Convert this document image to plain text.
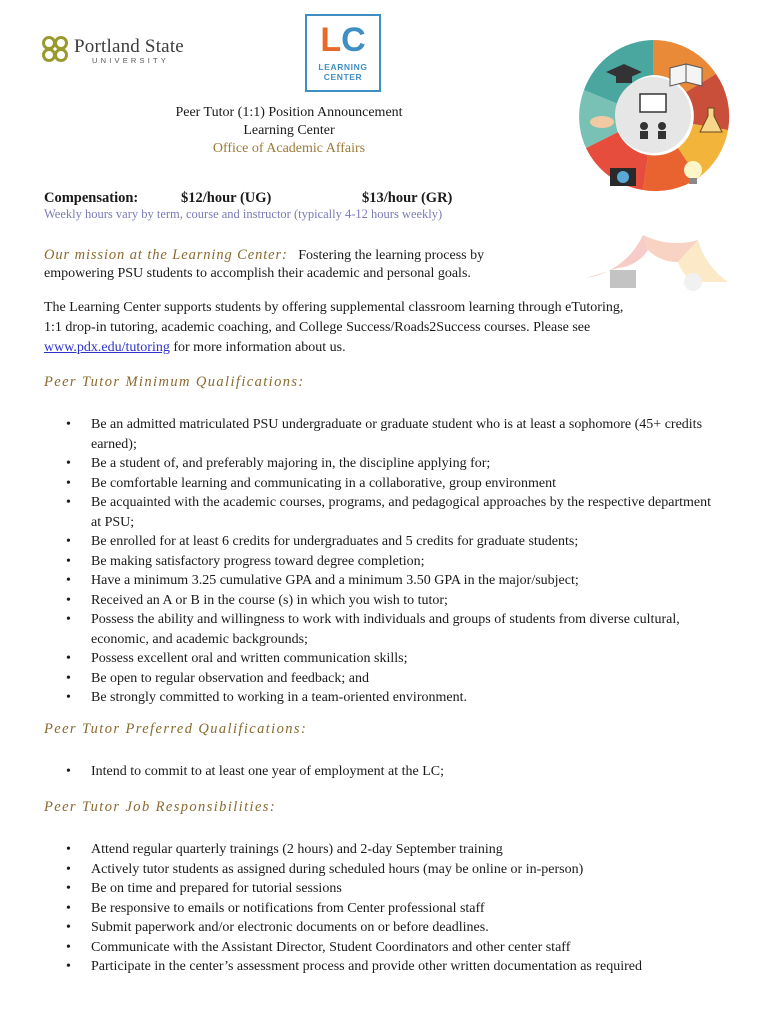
Portland State
UNIVERSITY
LC
LEARNING
CENTER
Peer Tutor (1:1) Position Announcement
Learning Center
Office of Academic Affairs
Compensation:	$12/hour (UG)	$13/hour (GR)
Weekly hours vary by term, course and instructor (typically 4-12 hours weekly)
Our mission at the Learning Center: Fostering the learning process by empowering PSU students to accomplish their academic and personal goals.
The Learning Center supports students by offering supplemental classroom learning through eTutoring, 1:1 drop-in tutoring, academic coaching, and College Success/Roads2Success courses. Please see www.pdx.edu/tutoring for more information about us.
Peer Tutor Minimum Qualifications:
• Be an admitted matriculated PSU undergraduate or graduate student who is at least a sophomore (45+ credits earned);
• Be a student of, and preferably majoring in, the discipline applying for;
• Be comfortable learning and communicating in a collaborative, group environment
• Be acquainted with the academic courses, programs, and pedagogical approaches by the respective department at PSU;
• Be enrolled for at least 6 credits for undergraduates and 5 credits for graduate students;
• Be making satisfactory progress toward degree completion;
• Have a minimum 3.25 cumulative GPA and a minimum 3.50 GPA in the major/subject;
• Received an A or B in the course (s) in which you wish to tutor;
• Possess the ability and willingness to work with individuals and groups of students from diverse cultural, economic, and academic backgrounds;
• Possess excellent oral and written communication skills;
• Be open to regular observation and feedback; and
• Be strongly committed to working in a team-oriented environment.
Peer Tutor Preferred Qualifications:
• Intend to commit to at least one year of employment at the LC;
Peer Tutor Job Responsibilities:
• Attend regular quarterly trainings (2 hours) and 2-day September training
• Actively tutor students as assigned during scheduled hours (may be online or in-person)
• Be on time and prepared for tutorial sessions
• Be responsive to emails or notifications from Center professional staff
• Submit paperwork and/or electronic documents on or before deadlines.
• Communicate with the Assistant Director, Student Coordinators and other center staff
• Participate in the center’s assessment process and provide other written documentation as required
